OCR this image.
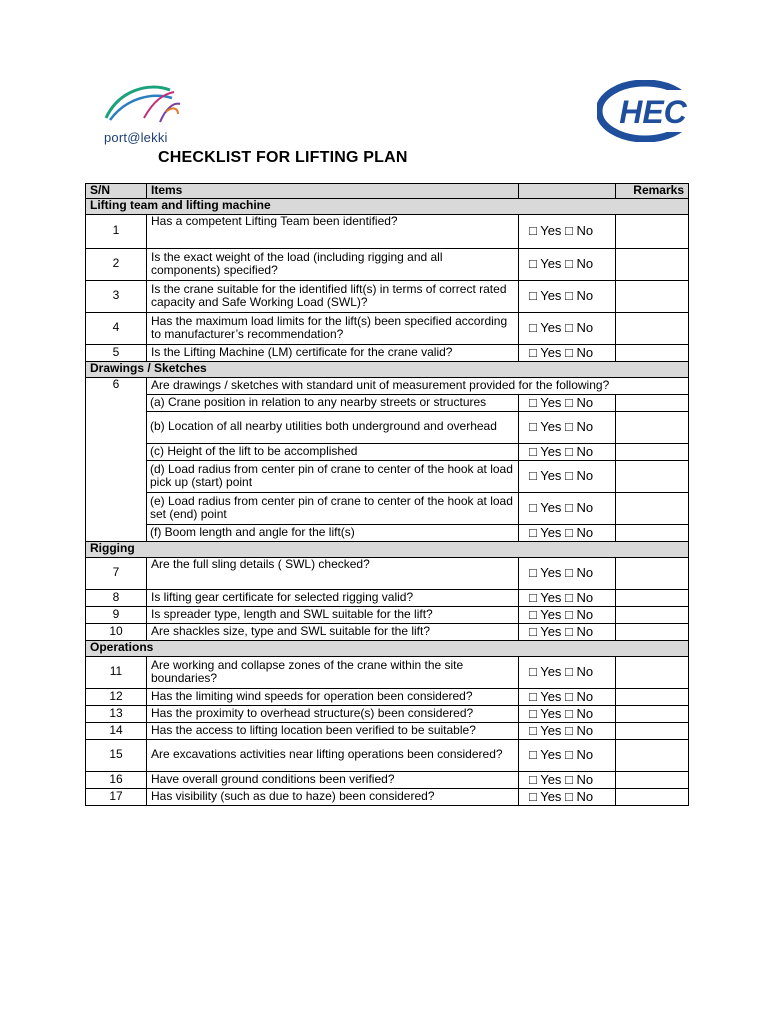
port@lekki
HEC
CHECKLIST FOR LIFTING PLAN
S/N	Items		Remarks
Lifting team and lifting machine			
1	Has a competent Lifting Team been identified?	□ Yes □ No	
2	Is the exact weight of the load (including rigging and all components) specified?	□ Yes □ No	
3	Is the crane suitable for the identified lift(s) in terms of correct rated capacity and Safe Working Load (SWL)?	□ Yes □ No	
4	Has the maximum load limits for the lift(s) been specified according to manufacturer’s recommendation?	□ Yes □ No	
5	Is the Lifting Machine (LM) certificate for the crane valid?	□ Yes □ No	
Drawings / Sketches			
6	Are drawings / sketches with standard unit of measurement provided for the following?		
	(a) Crane position in relation to any nearby streets or structures	□ Yes □ No	
	(b) Location of all nearby utilities both underground and overhead	□ Yes □ No	
	(c) Height of the lift to be accomplished	□ Yes □ No	
	(d) Load radius from center pin of crane to center of the hook at load pick up (start) point	□ Yes □ No	
	(e) Load radius from center pin of crane to center of the hook at load set (end) point	□ Yes □ No	
	(f) Boom length and angle for the lift(s)	□ Yes □ No	
Rigging			
7	Are the full sling details ( SWL) checked?	□ Yes □ No	
8	Is lifting gear certificate for selected rigging valid?	□ Yes □ No	
9	Is spreader type, length and SWL suitable for the lift?	□ Yes □ No	
10	Are shackles size, type and SWL suitable for the lift?	□ Yes □ No	
Operations			
11	Are working and collapse zones of the crane within the site boundaries?	□ Yes □ No	
12	Has the limiting wind speeds for operation been considered?	□ Yes □ No	
13	Has the proximity to overhead structure(s) been considered?	□ Yes □ No	
14	Has the access to lifting location been verified to be suitable?	□ Yes □ No	
15	Are excavations activities near lifting operations been considered?	□ Yes □ No	
16	Have overall ground conditions been verified?	□ Yes □ No	
17	Has visibility (such as due to haze) been considered?	□ Yes □ No	
